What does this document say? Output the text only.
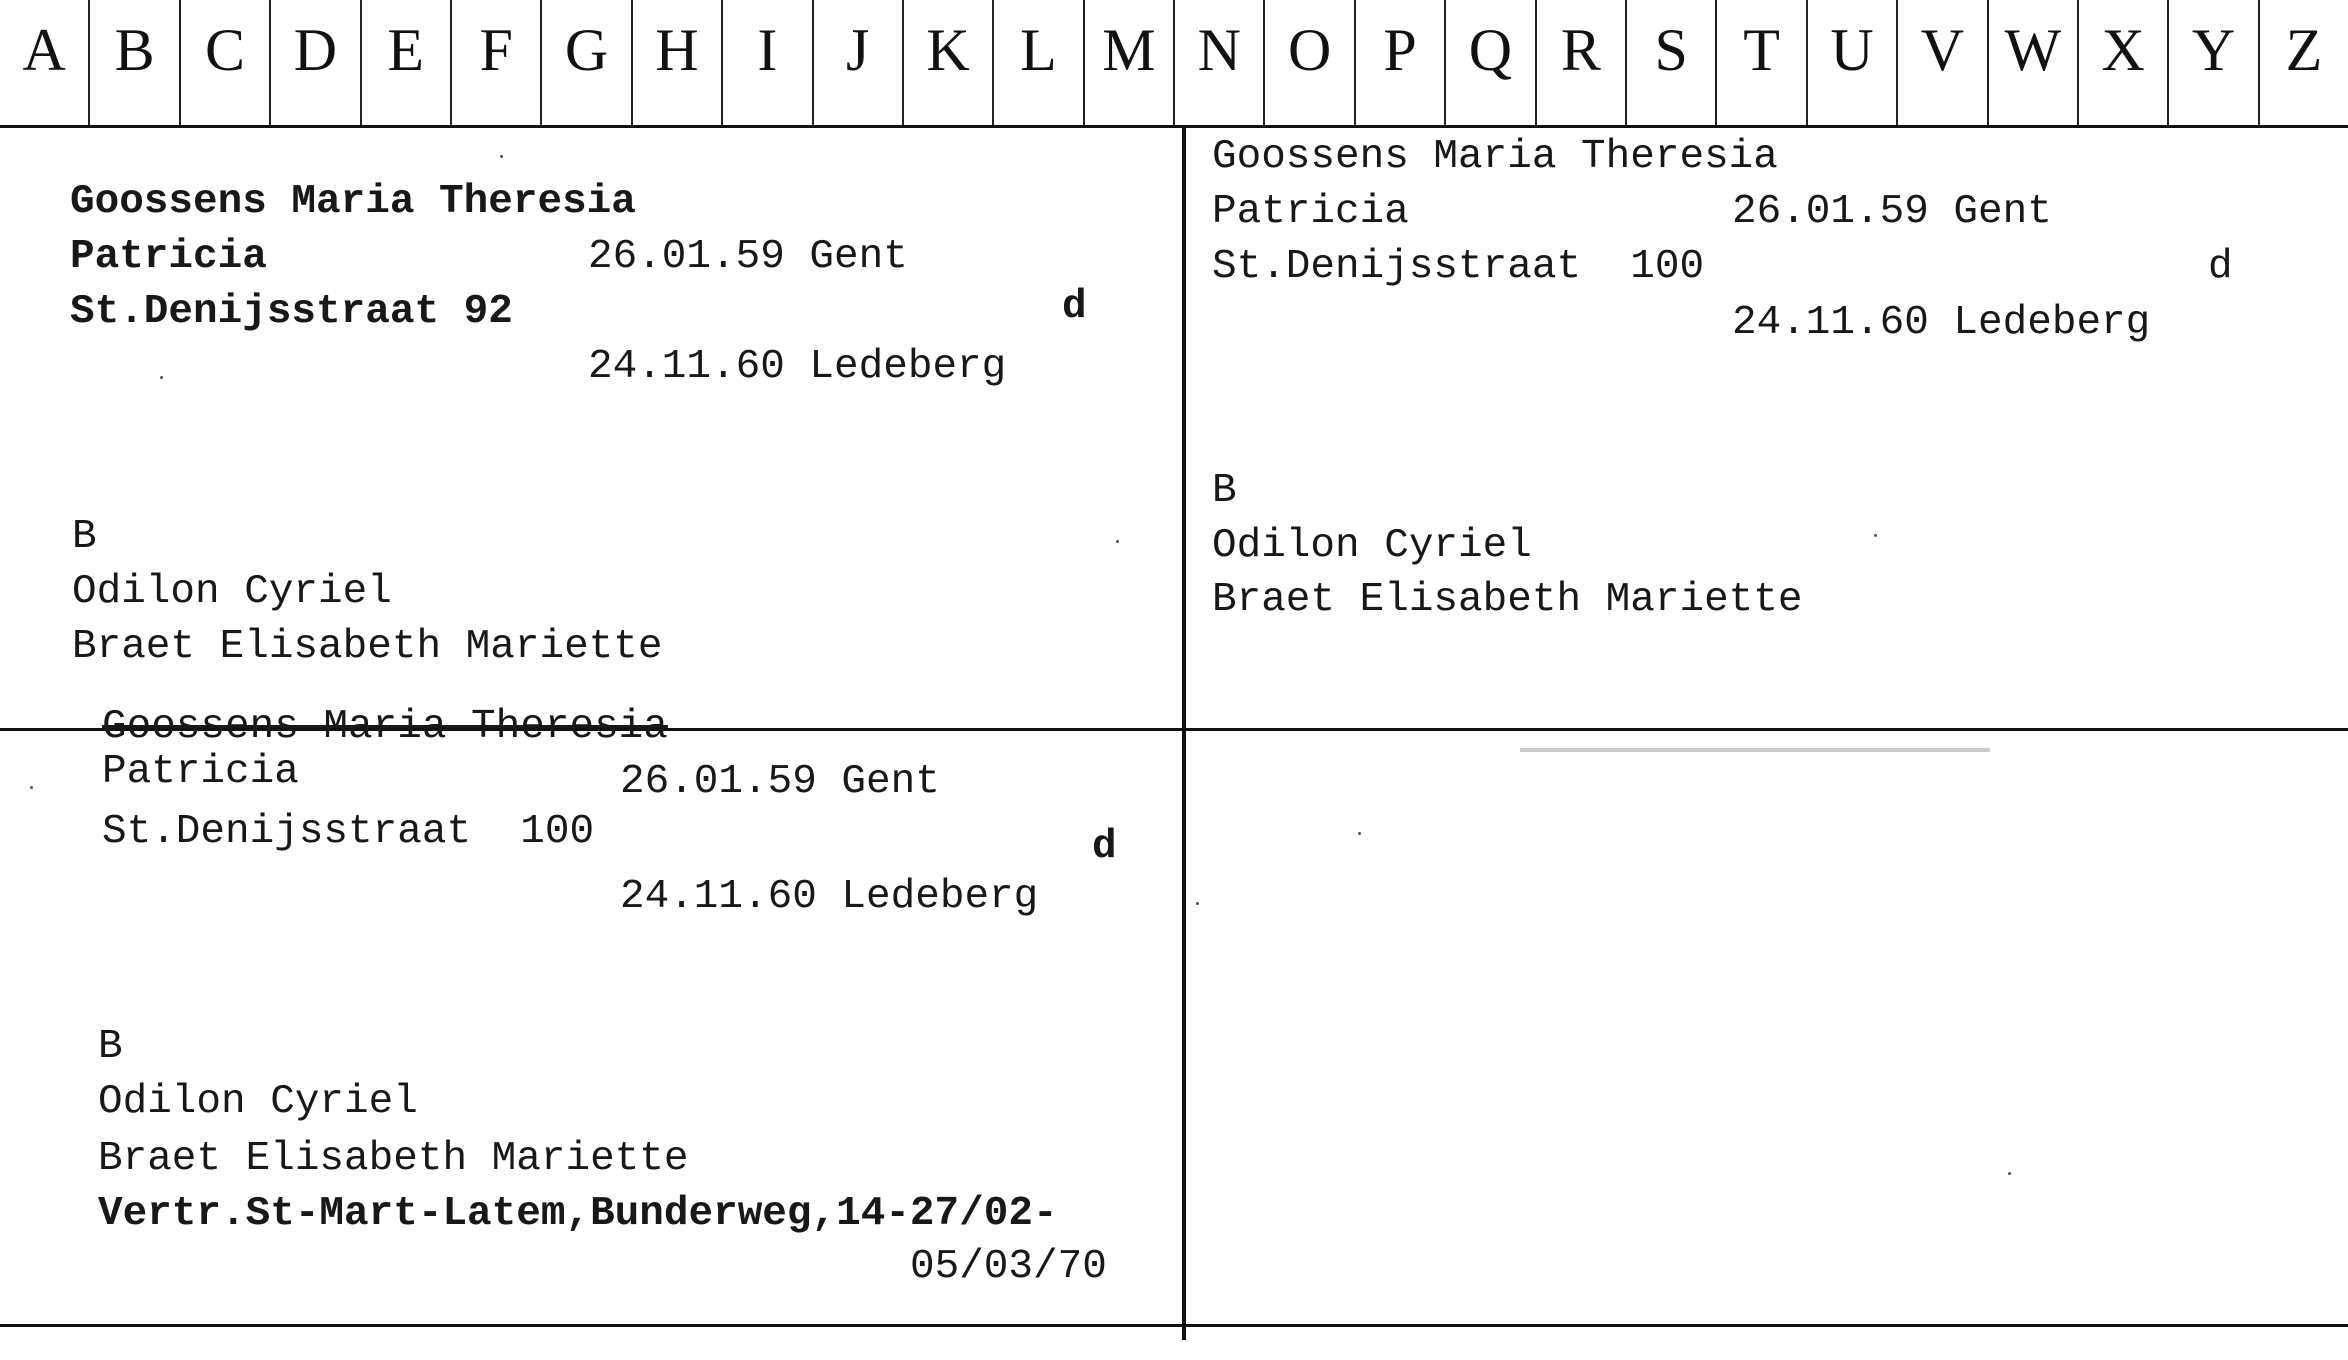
A B C D E F G H I	J K L M N O P Q R S T U V W X Y Z

Goossens Maria Theresia

Patricia

	26.01.59 Gent

St.Denijsstraat 92

	d

24.11.60 Ledeberg

B

Odilon Cyriel

Braet Elisabeth Mariette

Goossens Maria Theresia

Patricia

	26.01.59 Gent

St.Denijsstraat  100

	d

24.11.60 Ledeberg

B

Odilon Cyriel

Braet Elisabeth Mariette

Goossens Maria Theresia

Patricia

	26.01.59 Gent

St.Denijsstraat  100

	d

24.11.60 Ledeberg

B

Odilon Cyriel

Braet Elisabeth Mariette

Vertr.St-Mart-Latem,Bunderweg,14-27/02-

05/03/70
